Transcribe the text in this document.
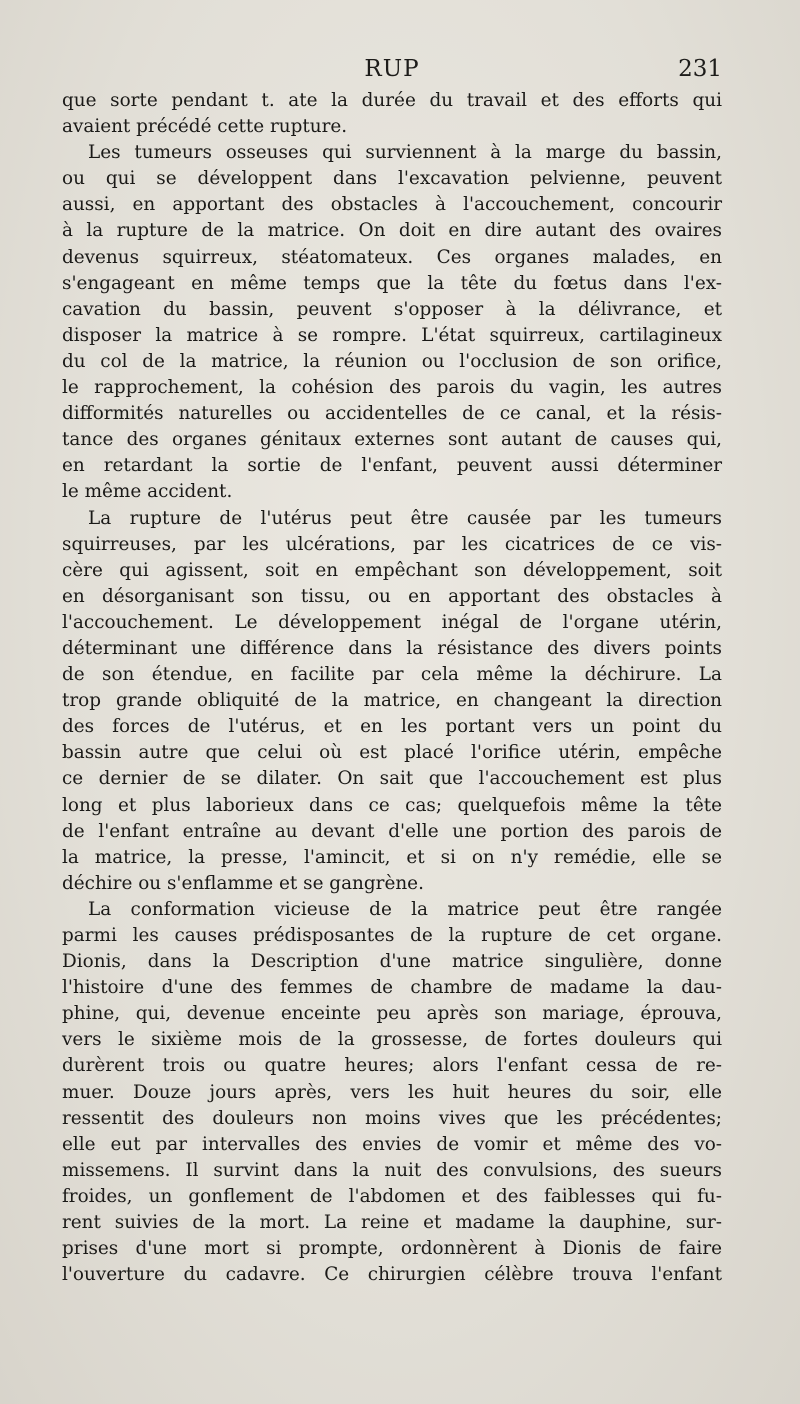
RUP	231
que sorte pendant t. ate la durée du travail et des efforts qui
avaient précédé cette rupture.
Les tumeurs osseuses qui surviennent à la marge du bassin,
ou qui se développent dans l'excavation pelvienne, peuvent
aussi, en apportant des obstacles à l'accouchement, concourir
à la rupture de la matrice. On doit en dire autant des ovaires
devenus squirreux, stéatomateux. Ces organes malades, en
s'engageant en même temps que la tête du fœtus dans l'ex-
cavation du bassin, peuvent s'opposer à la délivrance, et
disposer la matrice à se rompre. L'état squirreux, cartilagineux
du col de la matrice, la réunion ou l'occlusion de son orifice,
le rapprochement, la cohésion des parois du vagin, les autres
difformités naturelles ou accidentelles de ce canal, et la résis-
tance des organes génitaux externes sont autant de causes qui,
en retardant la sortie de l'enfant, peuvent aussi déterminer
le même accident.
La rupture de l'utérus peut être causée par les tumeurs
squirreuses, par les ulcérations, par les cicatrices de ce vis-
cère qui agissent, soit en empêchant son développement, soit
en désorganisant son tissu, ou en apportant des obstacles à
l'accouchement. Le développement inégal de l'organe utérin,
déterminant une différence dans la résistance des divers points
de son étendue, en facilite par cela même la déchirure. La
trop grande obliquité de la matrice, en changeant la direction
des forces de l'utérus, et en les portant vers un point du
bassin autre que celui où est placé l'orifice utérin, empêche
ce dernier de se dilater. On sait que l'accouchement est plus
long et plus laborieux dans ce cas; quelquefois même la tête
de l'enfant entraîne au devant d'elle une portion des parois de
la matrice, la presse, l'amincit, et si on n'y remédie, elle se
déchire ou s'enflamme et se gangrène.
La conformation vicieuse de la matrice peut être rangée
parmi les causes prédisposantes de la rupture de cet organe.
Dionis, dans la Description d'une matrice singulière, donne
l'histoire d'une des femmes de chambre de madame la dau-
phine, qui, devenue enceinte peu après son mariage, éprouva,
vers le sixième mois de la grossesse, de fortes douleurs qui
durèrent trois ou quatre heures; alors l'enfant cessa de re-
muer. Douze jours après, vers les huit heures du soir, elle
ressentit des douleurs non moins vives que les précédentes;
elle eut par intervalles des envies de vomir et même des vo-
missemens. Il survint dans la nuit des convulsions, des sueurs
froides, un gonflement de l'abdomen et des faiblesses qui fu-
rent suivies de la mort. La reine et madame la dauphine, sur-
prises d'une mort si prompte, ordonnèrent à Dionis de faire
l'ouverture du cadavre. Ce chirurgien célèbre trouva l'enfant
